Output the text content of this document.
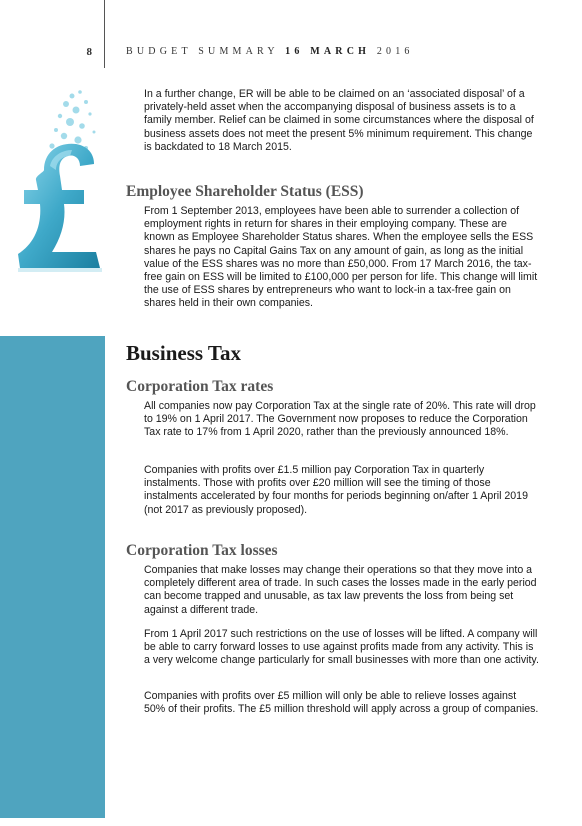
8	BUDGET SUMMARY 16 MARCH 2016

In a further change, ER will be able to be claimed on an ‘associated disposal’ of a privately-held asset when the accompanying disposal of business assets is to a family member. Relief can be claimed in some circumstances where the disposal of business assets does not meet the present 5% minimum requirement. This change is backdated to 18 March 2015.

Employee Shareholder Status (ESS)

From 1 September 2013, employees have been able to surrender a collection of employment rights in return for shares in their employing company. These are known as Employee Shareholder Status shares. When the employee sells the ESS shares he pays no Capital Gains Tax on any amount of gain, as long as the initial value of the ESS shares was no more than £50,000. From 17 March 2016, the tax-free gain on ESS will be limited to £100,000 per person for life. This change will limit the use of ESS shares by entrepreneurs who want to lock-in a tax-free gain on shares held in their own companies.

Business Tax
Corporation Tax rates

All companies now pay Corporation Tax at the single rate of 20%. This rate will drop to 19% on 1 April 2017. The Government now proposes to reduce the Corporation Tax rate to 17% from 1 April 2020, rather than the previously announced 18%.

Companies with profits over £1.5 million pay Corporation Tax in quarterly instalments. Those with profits over £20 million will see the timing of those instalments accelerated by four months for periods beginning on/after 1 April 2019 (not 2017 as previously proposed).

Corporation Tax losses

Companies that make losses may change their operations so that they move into a completely different area of trade. In such cases the losses made in the early period can become trapped and unusable, as tax law prevents the loss from being set against a different trade.

From 1 April 2017 such restrictions on the use of losses will be lifted. A company will be able to carry forward losses to use against profits made from any activity. This is a very welcome change particularly for small businesses with more than one activity.

Companies with profits over £5 million will only be able to relieve losses against 50% of their profits. The £5 million threshold will apply across a group of companies.
